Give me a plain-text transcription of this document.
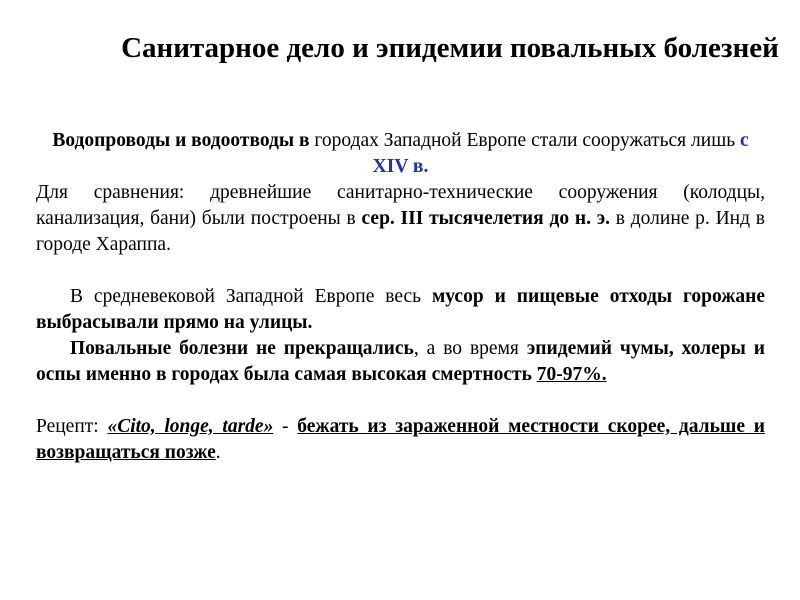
Санитарное дело и эпидемии повальных болезней

Водопроводы и водоотводы в городах Западной Европе стали сооружаться лишь с XIV в.

Для сравнения: древнейшие санитарно-технические сооружения (колодцы, канализация, бани) были построены в сер. III тысячелетия до н. э. в долине р. Инд в городе Хараппа.

В средневековой Западной Европе весь мусор и пищевые отходы горожане выбрасывали прямо на улицы.

Повальные болезни не прекращались, а во время эпидемий чумы, холеры и оспы именно в городах была самая высокая смертность 70-97%.

Рецепт: «Cito, longe, tarde» - бежать из зараженной местности скорее, дальше и возвращаться позже.
